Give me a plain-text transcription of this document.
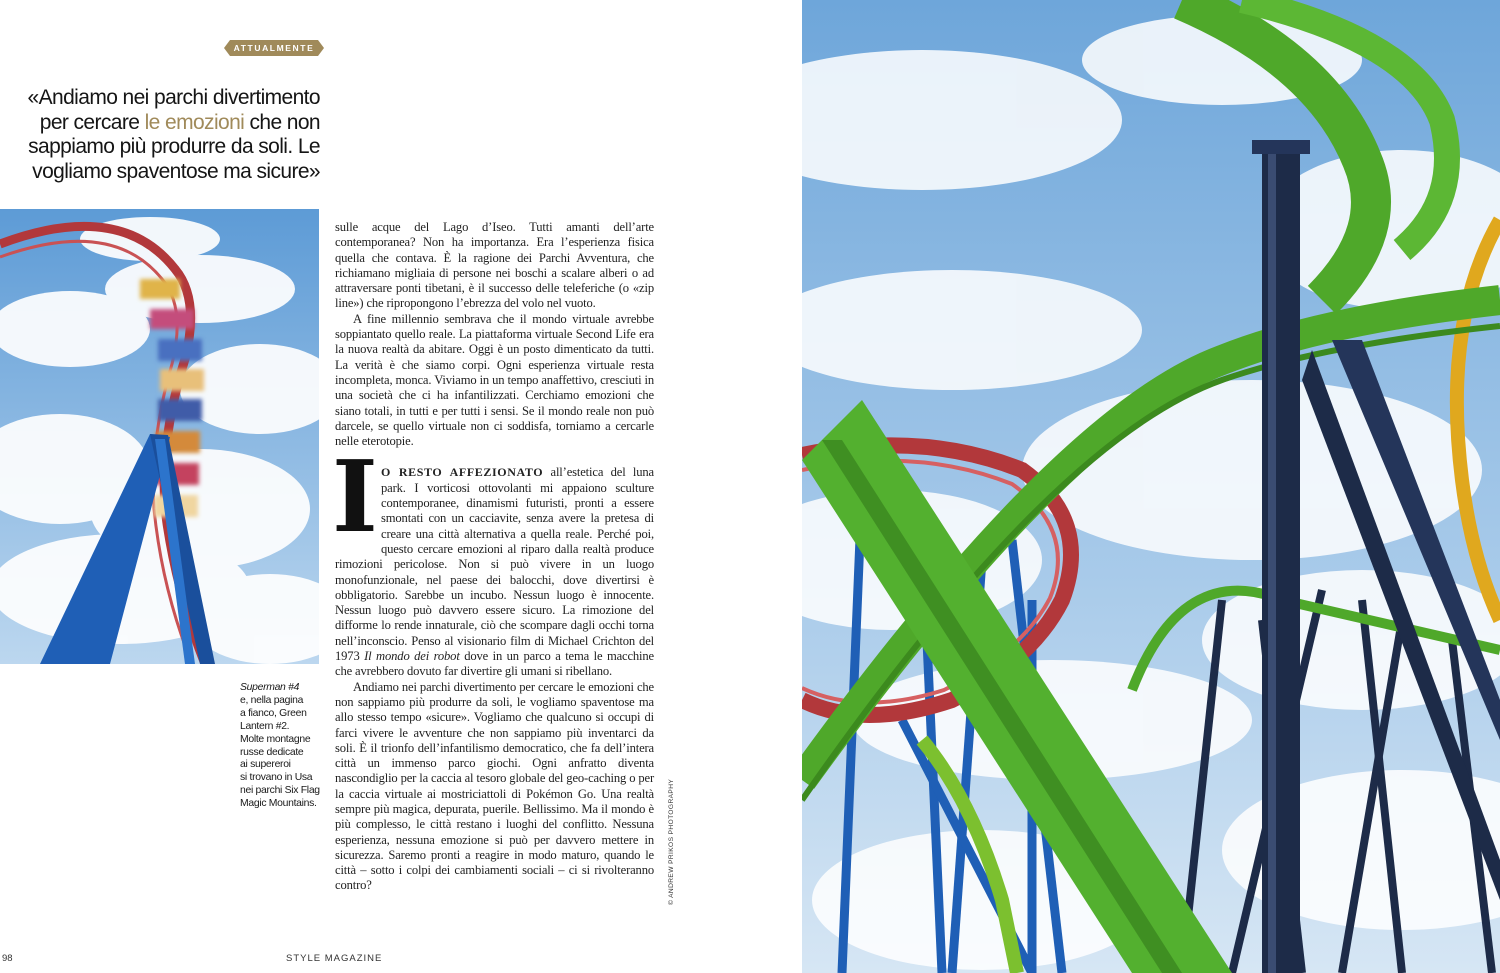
ATTUALMENTE
«Andiamo nei parchi divertimento per cercare le emozioni che non sappiamo più produrre da soli. Le vogliamo spaventose ma sicure»
Superman #4
e, nella pagina
a fianco, Green
Lantern #2.
Molte montagne
russe dedicate
ai supereroi
si trovano in Usa
nei parchi Six Flag
Magic Mountains.

sulle acque del Lago d’Iseo. Tutti amanti dell’arte contemporanea? Non ha importanza. Era l’esperienza fisica quella che contava. È la ragione dei Parchi Avventura, che richiamano migliaia di persone nei boschi a scalare alberi o ad attraversare ponti tibetani, è il successo delle teleferiche (o «zip line») che ripropongono l’ebrezza del volo nel vuoto.

A fine millennio sembrava che il mondo virtuale avrebbe soppiantato quello reale. La piattaforma virtuale Second Life era la nuova realtà da abitare. Oggi è un posto dimenticato da tutti. La verità è che siamo corpi. Ogni esperienza virtuale resta incompleta, monca. Viviamo in un tempo anaffettivo, cresciuti in una società che ci ha infantilizzati. Cerchiamo emozioni che siano totali, in tutti e per tutti i sensi. Se il mondo reale non può darcele, se quello virtuale non ci soddisfa, torniamo a cercarle nelle eterotopie.

I O RESTO AFFEZIONATO all’estetica del luna park. I vorticosi ottovolanti mi appaiono sculture contemporanee, dinamismi futuristi, pronti a essere smontati con un cacciavite, senza avere la pretesa di creare una città alternativa a quella reale. Perché poi, questo cercare emozioni al riparo dalla realtà produce rimozioni pericolose. Non si può vivere in un luogo monofunzionale, nel paese dei balocchi, dove divertirsi è obbligatorio. Sarebbe un incubo. Nessun luogo è innocente. Nessun luogo può davvero essere sicuro. La rimozione del difforme lo rende innaturale, ciò che scompare dagli occhi torna nell’inconscio. Penso al visionario film di Michael Crichton del 1973 Il mondo dei robot dove in un parco a tema le macchine che avrebbero dovuto far divertire gli umani si ribellano.

Andiamo nei parchi divertimento per cercare le emozioni che non sappiamo più produrre da soli, le vogliamo spaventose ma allo stesso tempo «sicure». Vogliamo che qualcuno si occupi di farci vivere le avventure che non sappiamo più inventarci da soli. È il trionfo dell’infantilismo democratico, che fa dell’intera città un immenso parco giochi. Ogni anfratto diventa nascondiglio per la caccia al tesoro globale del geo-caching o per la caccia virtuale ai mostriciattoli di Pokémon Go. Una realtà sempre più magica, depurata, puerile. Bellissimo. Ma il mondo è più complesso, le città restano i luoghi del conflitto. Nessuna esperienza, nessuna emozione si può per davvero mettere in sicurezza. Saremo pronti a reagire in modo maturo, quando le città – sotto i colpi dei cambiamenti sociali – ci si rivolteranno contro?	© ANDREW PRIKOS PHOTOGRAPHY
98	STYLE MAGAZINE
